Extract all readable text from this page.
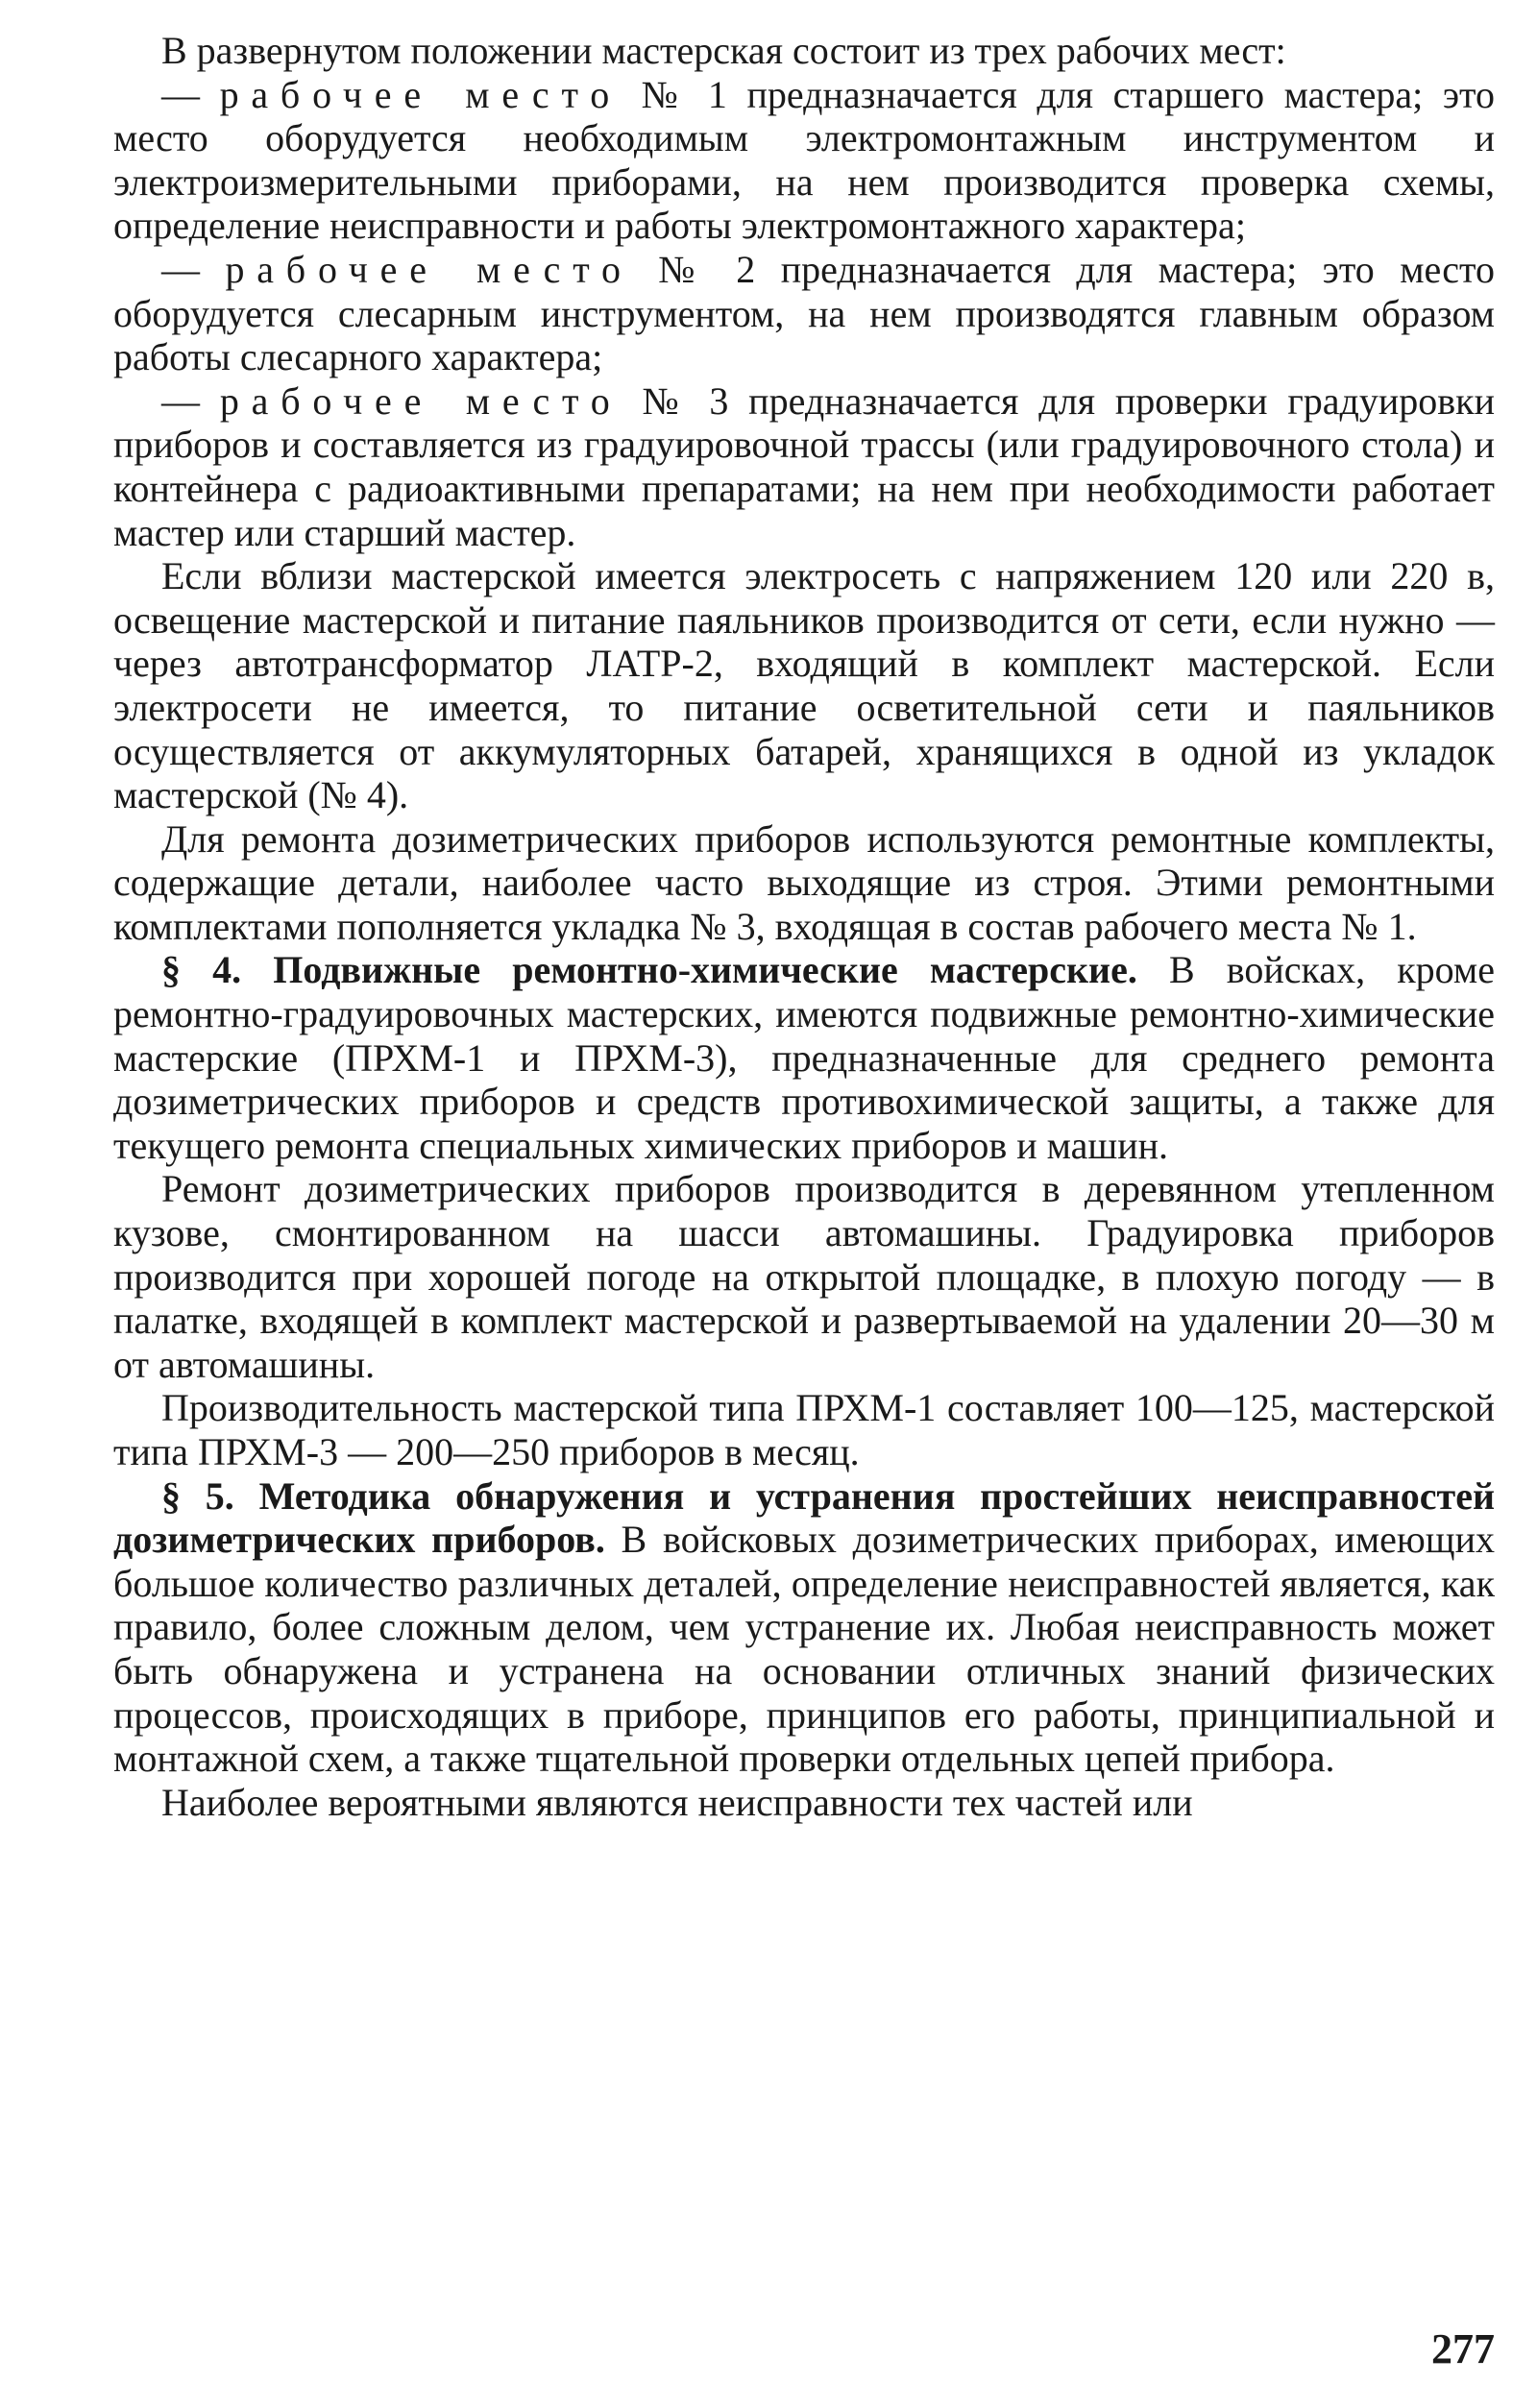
В развернутом положении мастерская состоит из трех рабочих мест:

— рабочее место № 1 предназначается для старшего мастера; это место оборудуется необходимым электромонтажным инструментом и электроизмерительными приборами, на нем производится проверка схемы, определение неисправности и работы электромонтажного характера;

— рабочее место № 2 предназначается для мастера; это место оборудуется слесарным инструментом, на нем производятся главным образом работы слесарного характера;

— рабочее место № 3 предназначается для проверки градуировки приборов и составляется из градуировочной трассы (или градуировочного стола) и контейнера с радиоактивными препаратами; на нем при необходимости работает мастер или старший мастер.

Если вблизи мастерской имеется электросеть с напряжением 120 или 220 в, освещение мастерской и питание паяльников производится от сети, если нужно — через автотрансформатор ЛАТР-2, входящий в комплект мастерской. Если электросети не имеется, то питание осветительной сети и паяльников осуществляется от аккумуляторных батарей, хранящихся в одной из укладок мастерской (№ 4).

Для ремонта дозиметрических приборов используются ремонтные комплекты, содержащие детали, наиболее часто выходящие из строя. Этими ремонтными комплектами пополняется укладка № 3, входящая в состав рабочего места № 1.

§ 4. Подвижные ремонтно-химические мастерские. В войсках, кроме ремонтно-градуировочных мастерских, имеются подвижные ремонтно-химические мастерские (ПРХМ-1 и ПРХМ-3), предназначенные для среднего ремонта дозиметрических приборов и средств противохимической защиты, а также для текущего ремонта специальных химических приборов и машин.

Ремонт дозиметрических приборов производится в деревянном утепленном кузове, смонтированном на шасси автомашины. Градуировка приборов производится при хорошей погоде на открытой площадке, в плохую погоду — в палатке, входящей в комплект мастерской и развертываемой на удалении 20—30 м от автомашины.

Производительность мастерской типа ПРХМ-1 составляет 100—125, мастерской типа ПРХМ-3 — 200—250 приборов в месяц.

§ 5. Методика обнаружения и устранения простейших неисправностей дозиметрических приборов. В войсковых дозиметрических приборах, имеющих большое количество различных деталей, определение неисправностей является, как правило, более сложным делом, чем устранение их. Любая неисправность может быть обнаружена и устранена на основании отличных знаний физических процессов, происходящих в приборе, принципов его работы, принципиальной и монтажной схем, а также тщательной проверки отдельных цепей прибора.

Наиболее вероятными являются неисправности тех частей или

277
